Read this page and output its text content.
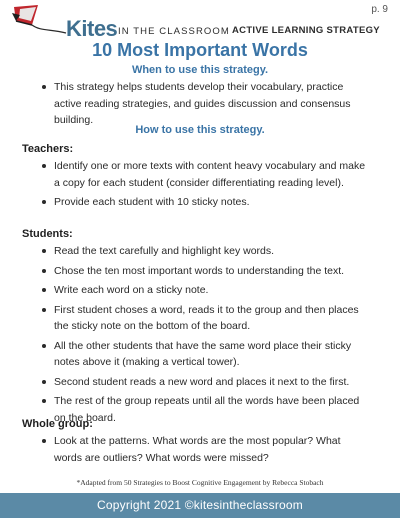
Kites IN THE CLASSROOM ACTIVE LEARNING STRATEGY
p. 9
10 Most Important Words
When to use this strategy.
This strategy helps students develop their vocabulary, practice active reading strategies, and guides discussion and consensus building.
How to use this strategy.
Teachers:
Identify one or more texts with content heavy vocabulary and make a copy for each student (consider differentiating reading level).
Provide each student with 10 sticky notes.
Students:
Read the text carefully and highlight key words.
Chose the ten most important words to understanding the text.
Write each word on a sticky note.
First student choses a word, reads it to the group and then places the sticky note on the bottom of the board.
All the other students that have the same word place their sticky notes above it (making a vertical tower).
Second student reads a new word and places it next to the first.
The rest of the group repeats until all the words have been placed on the board.
Whole group:
Look at the patterns. What words are the most popular? What words are outliers? What words were missed?
*Adapted from 50 Strategies to Boost Cognitive Engagement by Rebecca Stobach
Copyright 2021 ©kitesintheclassroom
